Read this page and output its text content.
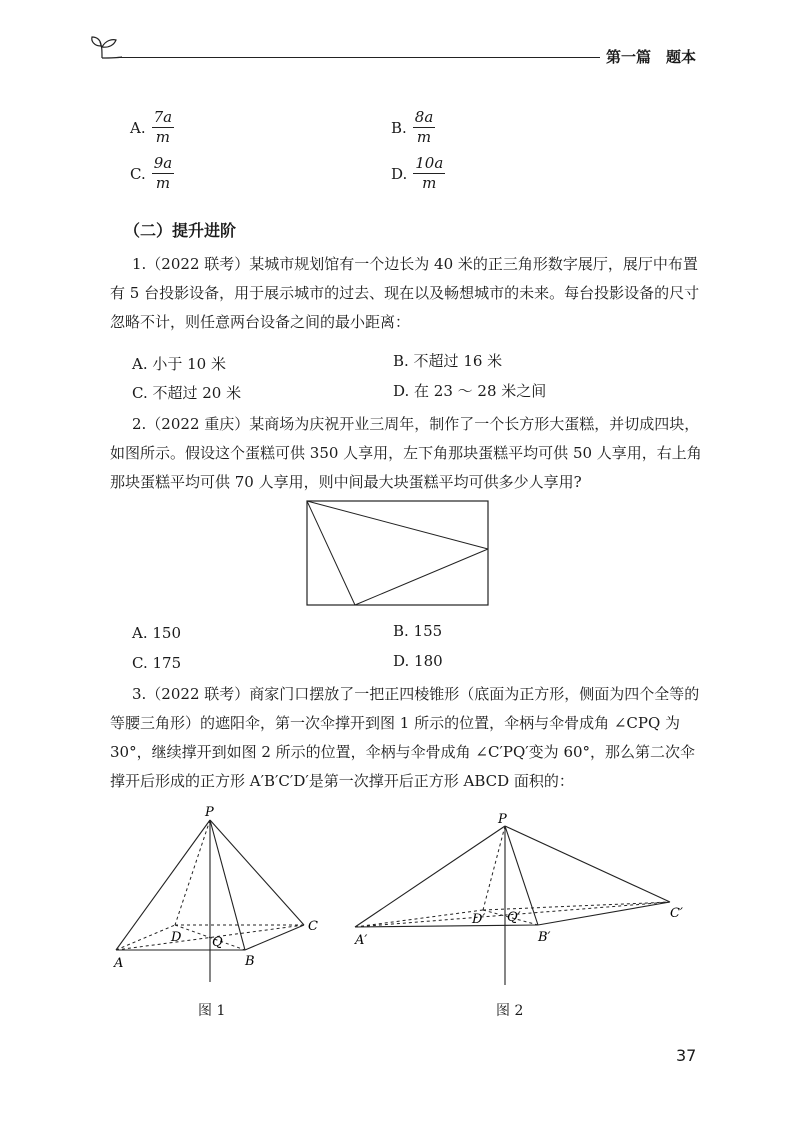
第一篇　题本
A. $\frac{7a}{m}$	B. $\frac{8a}{m}$
C. $\frac{9a}{m}$	D. $\frac{10a}{m}$
（二）提升进阶
1.（2022 联考）某城市规划馆有一个边长为 40 米的正三角形数字展厅，展厅中布置有 5 台投影设备，用于展示城市的过去、现在以及畅想城市的未来。每台投影设备的尺寸忽略不计，则任意两台设备之间的最小距离：
A. 小于 10 米	B. 不超过 16 米
C. 不超过 20 米	D. 在 23 ～ 28 米之间
2.（2022 重庆）某商场为庆祝开业三周年，制作了一个长方形大蛋糕，并切成四块，如图所示。假设这个蛋糕可供 350 人享用，左下角那块蛋糕平均可供 50 人享用，右上角那块蛋糕平均可供 70 人享用，则中间最大块蛋糕平均可供多少人享用?
A. 150	B. 155
C. 175	D. 180
3.（2022 联考）商家门口摆放了一把正四棱锥形（底面为正方形，侧面为四个全等的等腰三角形）的遮阳伞，第一次伞撑开到图 1 所示的位置，伞柄与伞骨成角 ∠CPQ 为 30°，继续撑开到如图 2 所示的位置，伞柄与伞骨成角 ∠C′PQ′变为 60°，那么第二次伞撑开后形成的正方形 A′B′C′D′是第一次撑开后正方形 ABCD 面积的：
P
A	B
C
D Q
图 1
P
A′	B′
C′
D′ Q′
图 2
37
